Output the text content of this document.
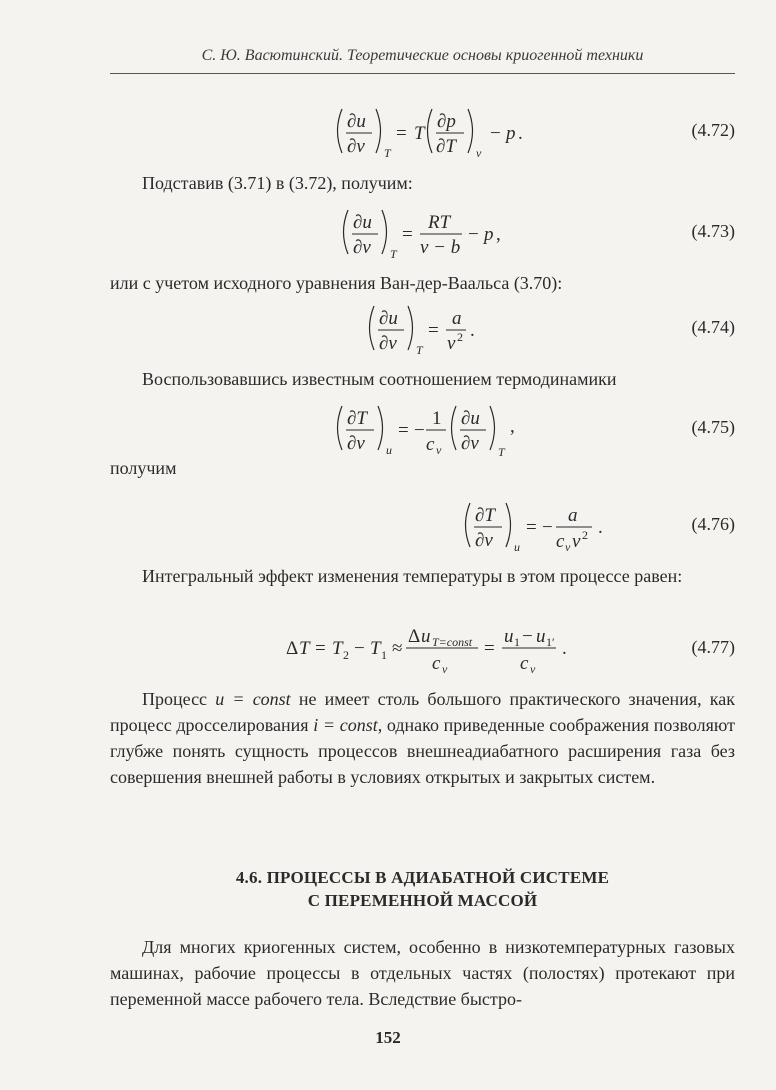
С. Ю. Васютинский. Теоретические основы криогенной техники
∂u
∂v T
= T
∂p
∂T v
− p .	(4.72)
Подставив (3.71) в (3.72), получим:
∂u
∂v T
=
RT
v − b
− p ,	(4.73)
или с учетом исходного уравнения Ван-дер-Ваальса (3.70):
∂u
∂v T
=
a
v 2 .	(4.74)
Воспользовавшись известным соотношением термодинамики
∂T
∂v u
= −
1
c v
∂u
∂v T
,	(4.75)
получим
∂T
∂v u
= −
a
c v v 2 .	(4.76)
Интегральный эффект изменения температуры в этом процессе равен:
Δ T = T 2 − T 1 ≈
Δ u T=const
c v
=
u 1 − u 1′
c v
.	(4.77)
Процесс u = const не имеет столь большого практического значения, как процесс дросселирования i = const, однако приведенные соображения позволяют глубже понять сущность процессов внешнеадиабатного расширения газа без совершения внешней работы в условиях открытых и закрытых систем.
4.6. ПРОЦЕССЫ В АДИАБАТНОЙ СИСТЕМЕ
С ПЕРЕМЕННОЙ МАССОЙ
Для многих криогенных систем, особенно в низкотемпературных газовых машинах, рабочие процессы в отдельных частях (полостях) протекают при переменной массе рабочего тела. Вследствие быстро-
152
